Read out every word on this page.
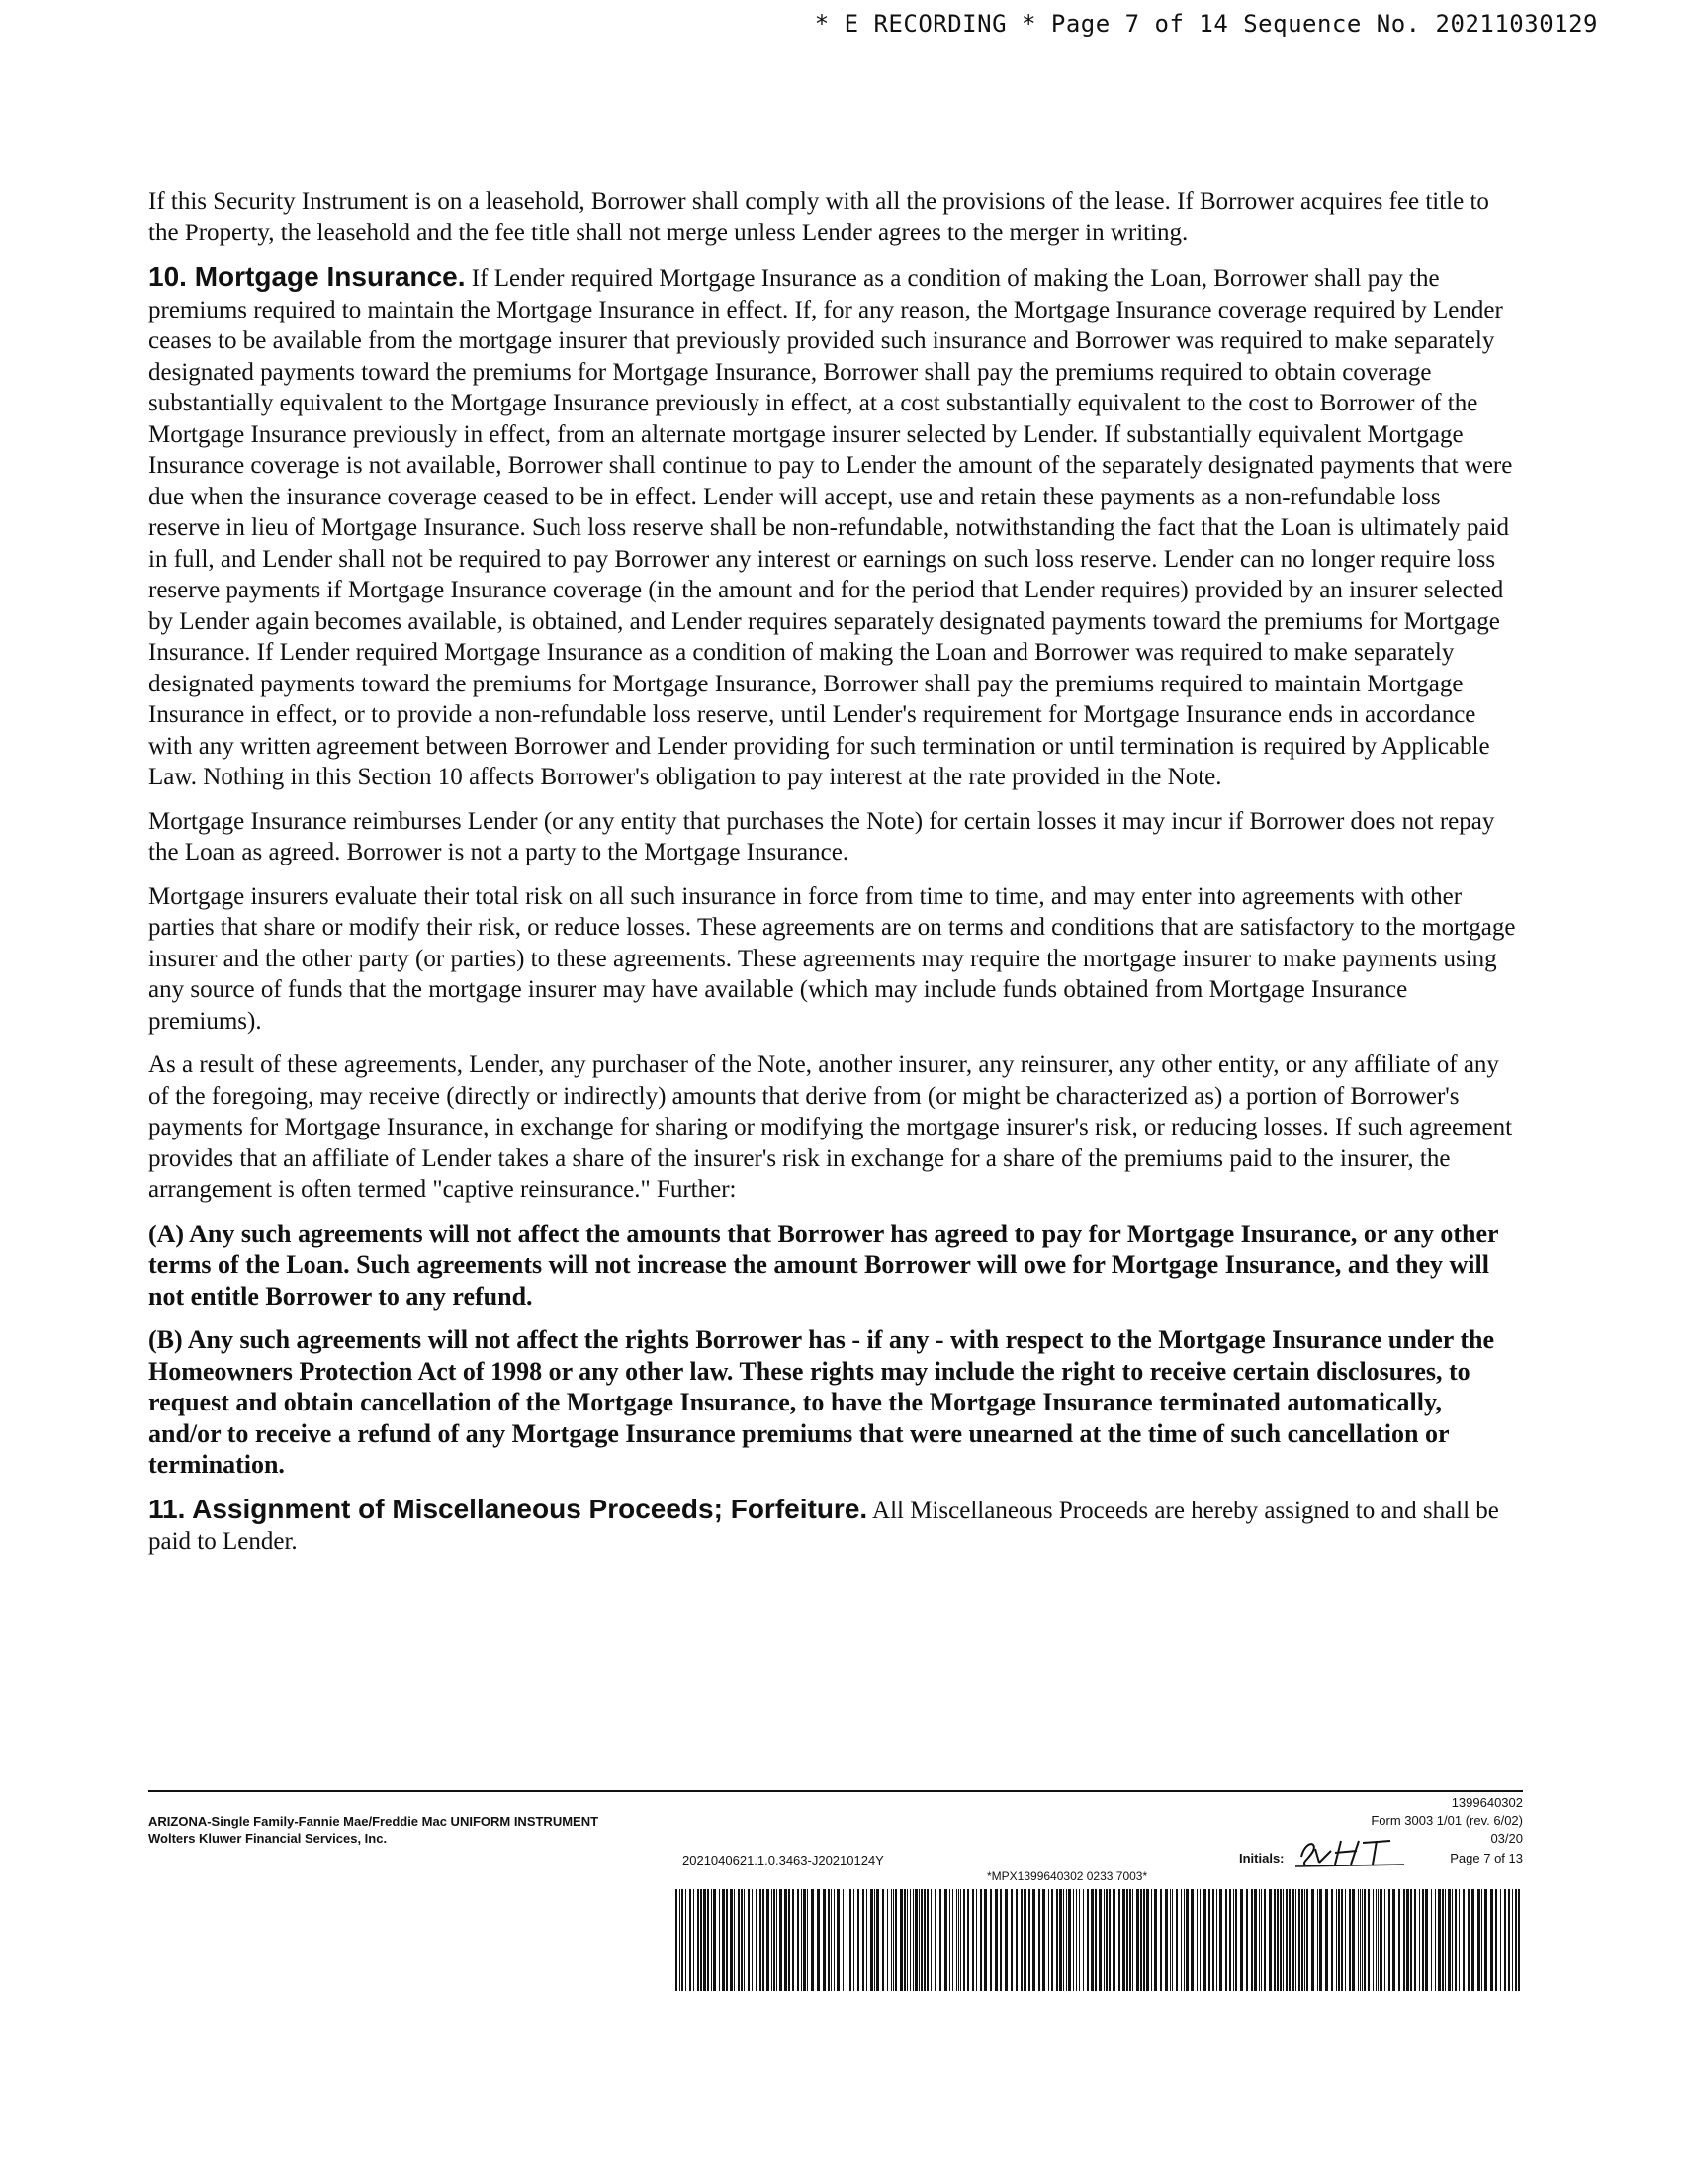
* E RECORDING * Page 7 of 14 Sequence No. 20211030129

If this Security Instrument is on a leasehold, Borrower shall comply with all the provisions of the lease. If Borrower acquires fee title to the Property, the leasehold and the fee title shall not merge unless Lender agrees to the merger in writing.

10. Mortgage Insurance. If Lender required Mortgage Insurance as a condition of making the Loan, Borrower shall pay the premiums required to maintain the Mortgage Insurance in effect. If, for any reason, the Mortgage Insurance coverage required by Lender ceases to be available from the mortgage insurer that previously provided such insurance and Borrower was required to make separately designated payments toward the premiums for Mortgage Insurance, Borrower shall pay the premiums required to obtain coverage substantially equivalent to the Mortgage Insurance previously in effect, at a cost substantially equivalent to the cost to Borrower of the Mortgage Insurance previously in effect, from an alternate mortgage insurer selected by Lender. If substantially equivalent Mortgage Insurance coverage is not available, Borrower shall continue to pay to Lender the amount of the separately designated payments that were due when the insurance coverage ceased to be in effect. Lender will accept, use and retain these payments as a non-refundable loss reserve in lieu of Mortgage Insurance. Such loss reserve shall be non-refundable, notwithstanding the fact that the Loan is ultimately paid in full, and Lender shall not be required to pay Borrower any interest or earnings on such loss reserve. Lender can no longer require loss reserve payments if Mortgage Insurance coverage (in the amount and for the period that Lender requires) provided by an insurer selected by Lender again becomes available, is obtained, and Lender requires separately designated payments toward the premiums for Mortgage Insurance. If Lender required Mortgage Insurance as a condition of making the Loan and Borrower was required to make separately designated payments toward the premiums for Mortgage Insurance, Borrower shall pay the premiums required to maintain Mortgage Insurance in effect, or to provide a non-refundable loss reserve, until Lender's requirement for Mortgage Insurance ends in accordance with any written agreement between Borrower and Lender providing for such termination or until termination is required by Applicable Law. Nothing in this Section 10 affects Borrower's obligation to pay interest at the rate provided in the Note.

Mortgage Insurance reimburses Lender (or any entity that purchases the Note) for certain losses it may incur if Borrower does not repay the Loan as agreed. Borrower is not a party to the Mortgage Insurance.

Mortgage insurers evaluate their total risk on all such insurance in force from time to time, and may enter into agreements with other parties that share or modify their risk, or reduce losses. These agreements are on terms and conditions that are satisfactory to the mortgage insurer and the other party (or parties) to these agreements. These agreements may require the mortgage insurer to make payments using any source of funds that the mortgage insurer may have available (which may include funds obtained from Mortgage Insurance premiums).

As a result of these agreements, Lender, any purchaser of the Note, another insurer, any reinsurer, any other entity, or any affiliate of any of the foregoing, may receive (directly or indirectly) amounts that derive from (or might be characterized as) a portion of Borrower's payments for Mortgage Insurance, in exchange for sharing or modifying the mortgage insurer's risk, or reducing losses. If such agreement provides that an affiliate of Lender takes a share of the insurer's risk in exchange for a share of the premiums paid to the insurer, the arrangement is often termed "captive reinsurance." Further:

(A) Any such agreements will not affect the amounts that Borrower has agreed to pay for Mortgage Insurance, or any other terms of the Loan. Such agreements will not increase the amount Borrower will owe for Mortgage Insurance, and they will not entitle Borrower to any refund.

(B) Any such agreements will not affect the rights Borrower has - if any - with respect to the Mortgage Insurance under the Homeowners Protection Act of 1998 or any other law. These rights may include the right to receive certain disclosures, to request and obtain cancellation of the Mortgage Insurance, to have the Mortgage Insurance terminated automatically, and/or to receive a refund of any Mortgage Insurance premiums that were unearned at the time of such cancellation or termination.

11. Assignment of Miscellaneous Proceeds; Forfeiture. All Miscellaneous Proceeds are hereby assigned to and shall be paid to Lender.

ARIZONA-Single Family-Fannie Mae/Freddie Mac UNIFORM INSTRUMENT
Wolters Kluwer Financial Services, Inc.
2021040621.1.0.3463-J20210124Y
1399640302
Form 3003 1/01 (rev. 6/02)
03/20
Initials:	Page 7 of 13
*MPX1399640302 0233 7003*
